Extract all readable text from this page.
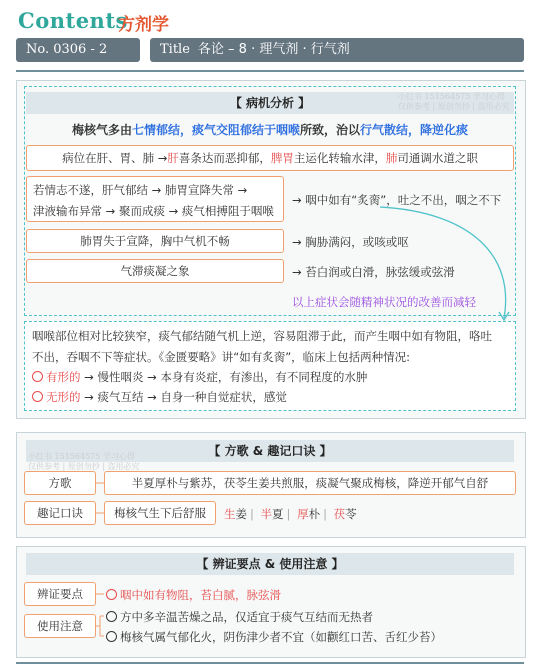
Contents
方剂学
No. 0306 - 2	Title 各论 – 8 · 理气剂 · 行气剂
【 病机分析 】	小红书 151564575 学习心得
仅供参考 | 原创勿抄 | 盗用必究
梅核气多由七情郁结，痰气交阻郁结于咽喉所致，治以行气散结，降逆化痰
病位在肝、胃、肺 → 肝 喜条达而恶抑郁， 脾胃 主运化转输水津， 肺 司通调水道之职
若情志不遂，肝气郁结 → 肺胃宣降失常 →
津液输布异常 → 聚而成痰 → 痰气相搏阻于咽喉
→ 咽中如有“炙脔”，吐之不出，咽之不下
肺胃失于宣降，胸中气机不畅	→ 胸胁满闷，或咳或呕
气滞痰凝之象	→ 苔白润或白滑，脉弦缓或弦滑
以上症状会随精神状况的改善而减轻
咽喉部位相对比较狭窄，痰气郁结随气机上逆，容易阻滞于此，而产生咽中如有物阻，咯吐
不出，吞咽不下等症状。《金匮要略》讲“如有炙脔”，临床上包括两种情况:
有形的 → 慢性咽炎 → 本身有炎症，有渗出，有不同程度的水肿
无形的 → 痰气互结 → 自身一种自觉症状，感觉
【 方歌 & 趣记口诀 】
小红书 151564575 学习心得
仅供参考 | 原创勿抄 | 盗用必究
方歌	半夏厚朴与紫苏，茯苓生姜共煎服，痰凝气聚成梅核，降逆开郁气自舒
趣记口诀	梅核气生下后舒服	生姜 | 半夏 | 厚朴 | 茯苓
【 辨证要点 & 使用注意 】
辨证要点	咽中如有物阻，苔白腻，脉弦滑
使用注意
方中多辛温苦燥之品，仅适宜于痰气互结而无热者
梅核气属气郁化火，阴伤津少者不宜（如颧红口苦、舌红少苔）
